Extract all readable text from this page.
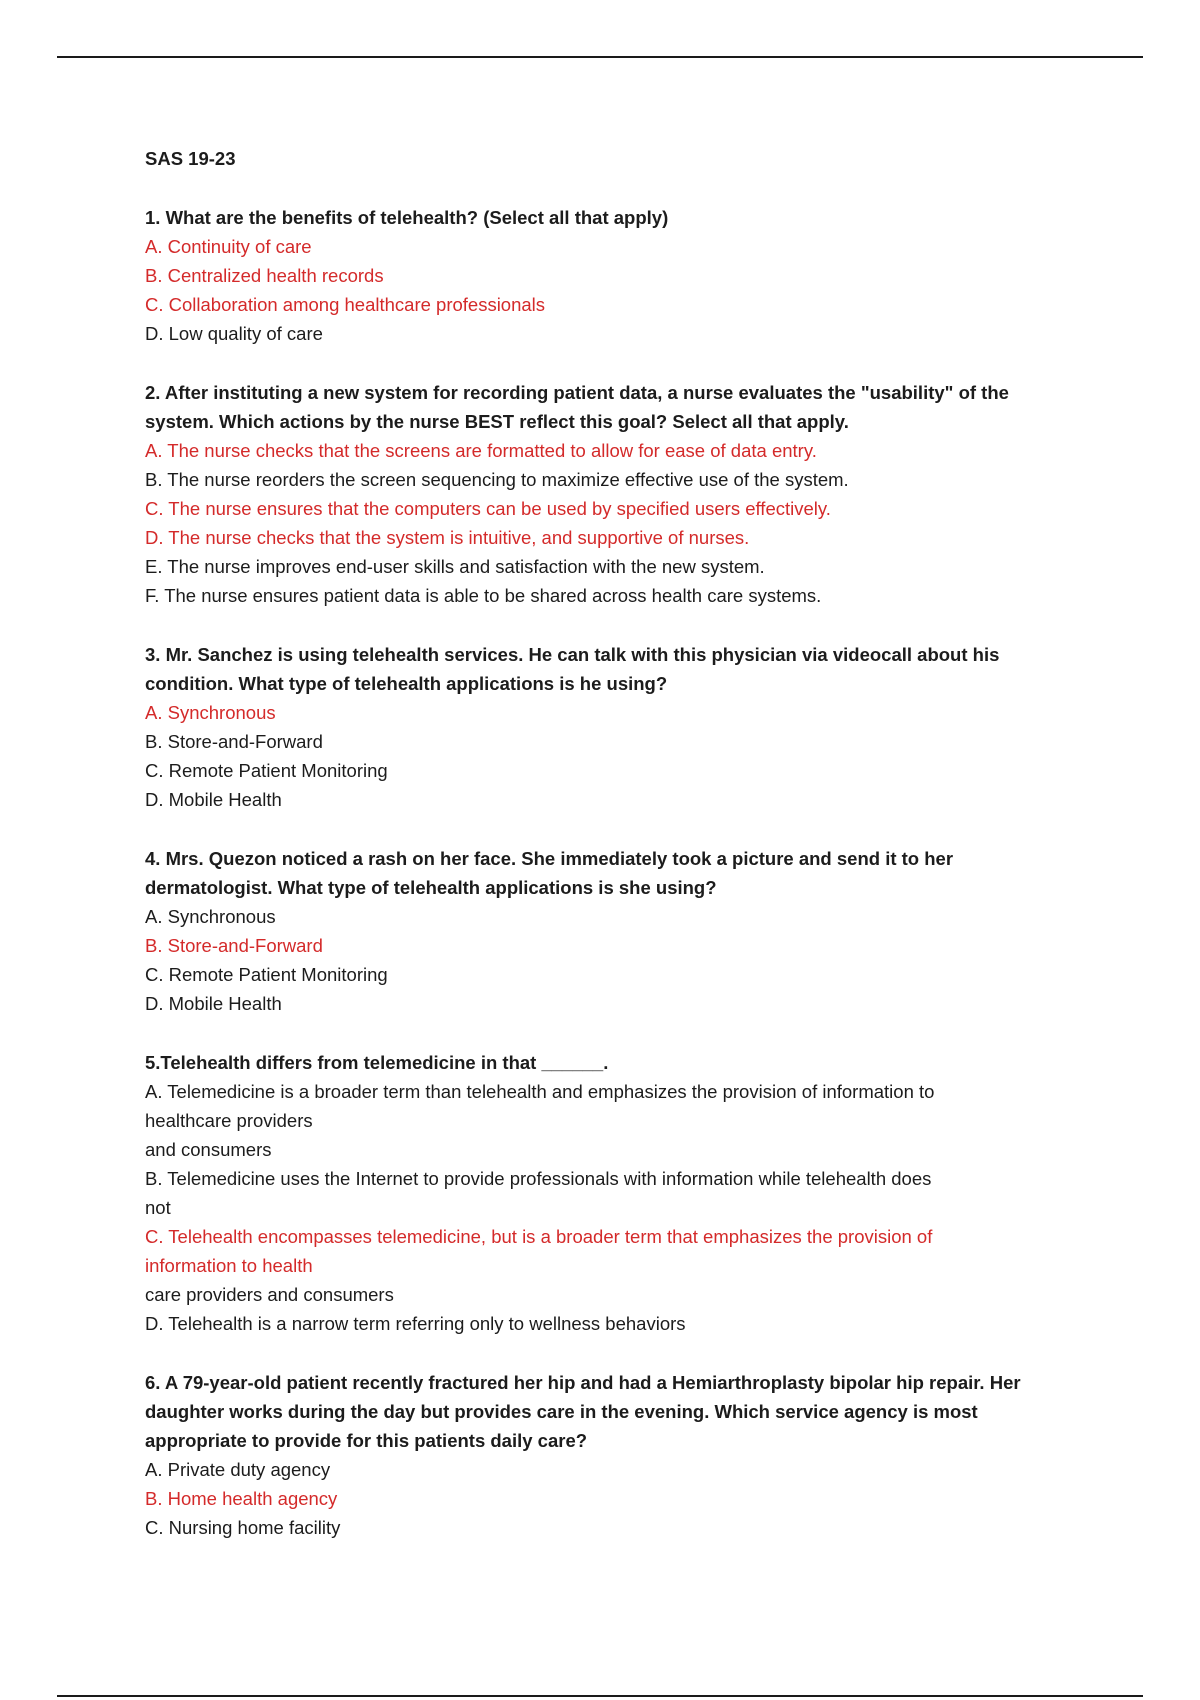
SAS 19-23

1. What are the benefits of telehealth? (Select all that apply)

A. Continuity of care

B. Centralized health records

C. Collaboration among healthcare professionals

D. Low quality of care

2. After instituting a new system for recording patient data, a nurse evaluates the "usability" of the system. Which actions by the nurse BEST reflect this goal? Select all that apply.

A. The nurse checks that the screens are formatted to allow for ease of data entry.

B. The nurse reorders the screen sequencing to maximize effective use of the system.

C. The nurse ensures that the computers can be used by specified users effectively.

D. The nurse checks that the system is intuitive, and supportive of nurses.

E. The nurse improves end-user skills and satisfaction with the new system.

F. The nurse ensures patient data is able to be shared across health care systems.

3. Mr. Sanchez is using telehealth services. He can talk with this physician via videocall about his condition. What type of telehealth applications is he using?

A. Synchronous

B. Store-and-Forward

C. Remote Patient Monitoring

D. Mobile Health

4. Mrs. Quezon noticed a rash on her face. She immediately took a picture and send it to her dermatologist. What type of telehealth applications is she using?

A. Synchronous

B. Store-and-Forward

C. Remote Patient Monitoring

D. Mobile Health

5.Telehealth differs from telemedicine in that ______.

A. Telemedicine is a broader term than telehealth and emphasizes the provision of information to

healthcare providers

and consumers

B. Telemedicine uses the Internet to provide professionals with information while telehealth does

not

C. Telehealth encompasses telemedicine, but is a broader term that emphasizes the provision of

information to health

care providers and consumers

D. Telehealth is a narrow term referring only to wellness behaviors

6. A 79-year-old patient recently fractured her hip and had a Hemiarthroplasty bipolar hip repair. Her daughter works during the day but provides care in the evening. Which service agency is most appropriate to provide for this patients daily care?

A. Private duty agency

B. Home health agency

C. Nursing home facility
